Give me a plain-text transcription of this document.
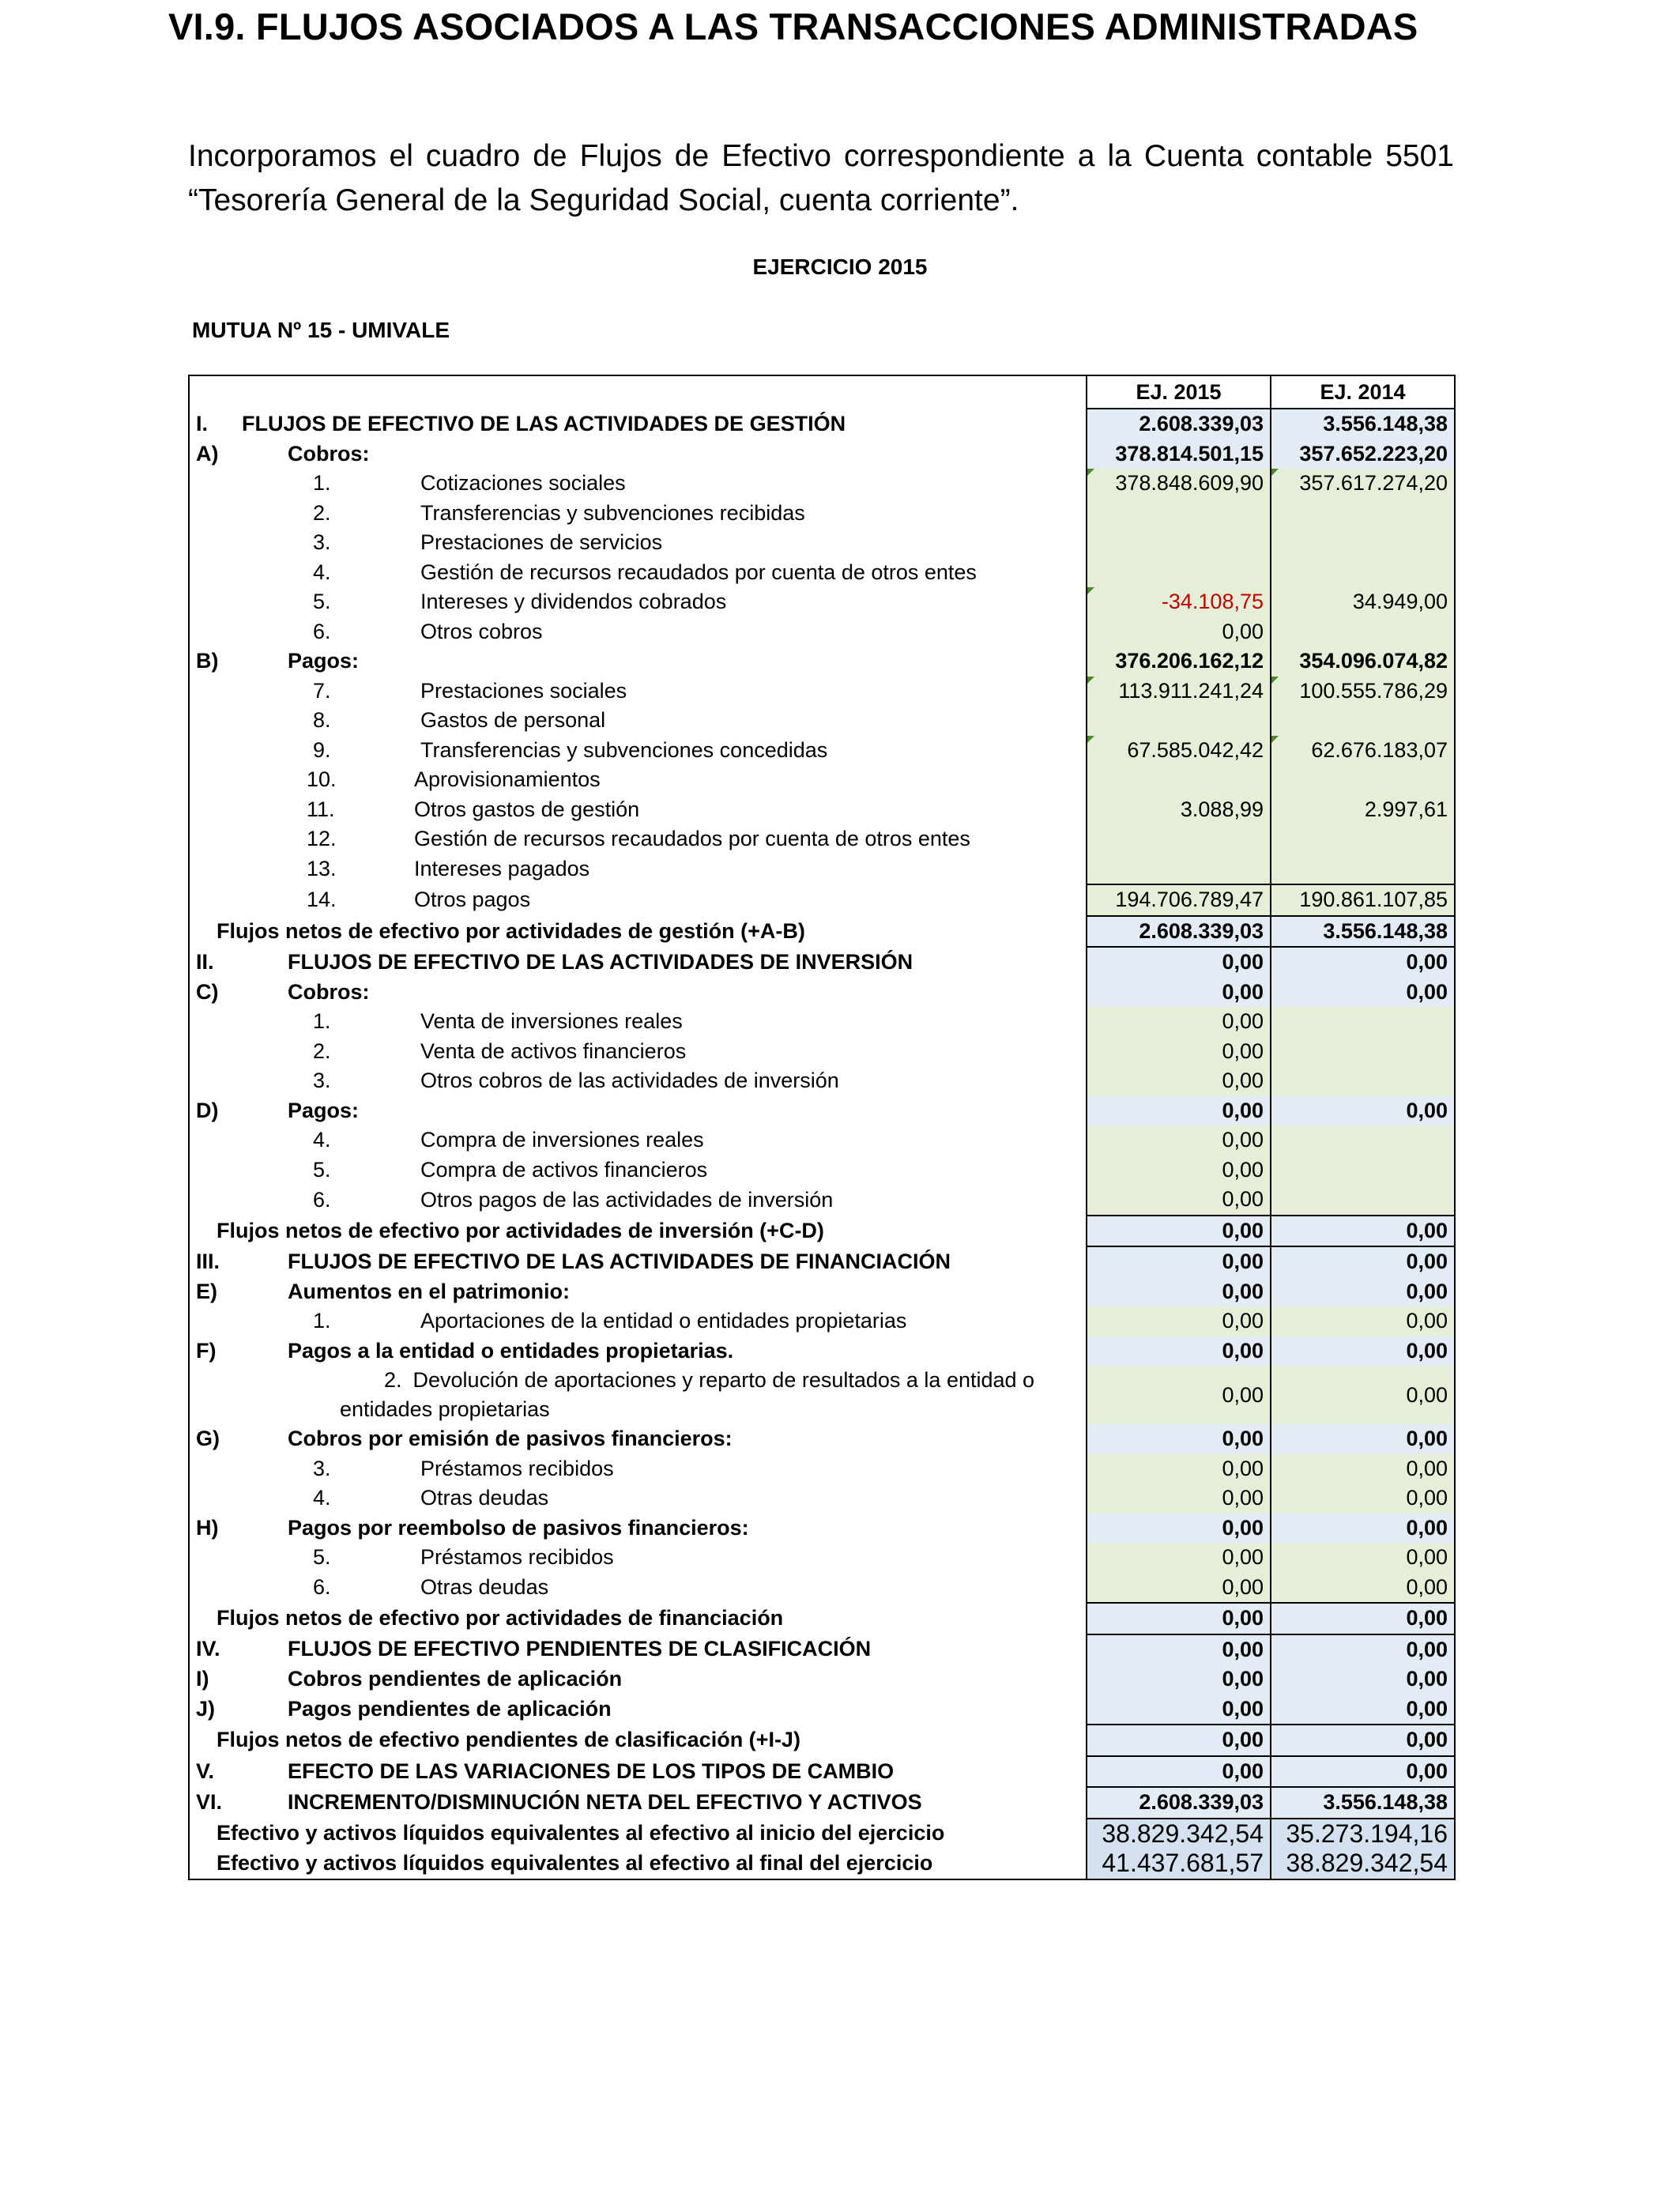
VI.9. FLUJOS ASOCIADOS A LAS TRANSACCIONES ADMINISTRADAS
Incorporamos el cuadro de Flujos de Efectivo correspondiente a la Cuenta contable 5501 “Tesorería General de la Seguridad Social, cuenta corriente”.
EJERCICIO 2015
MUTUA Nº 15 - UMIVALE
	EJ. 2015	EJ. 2014
I. FLUJOS DE EFECTIVO DE LAS ACTIVIDADES DE GESTIÓN	2.608.339,03	3.556.148,38
A) Cobros:	378.814.501,15	357.652.223,20
1. Cotizaciones sociales	378.848.609,90	357.617.274,20

2. Transferencias y subvenciones recibidas		
3. Prestaciones de servicios		
4. Gestión de recursos recaudados por cuenta de otros entes		
5. Intereses y dividendos cobrados	-34.108,75	34.949,00
6. Otros cobros	0,00	
B) Pagos:	376.206.162,12	354.096.074,82
7. Prestaciones sociales	113.911.241,24	100.555.786,29

8. Gastos de personal		
9. Transferencias y subvenciones concedidas	67.585.042,42	62.676.183,07

10. Aprovisionamientos		
11. Otros gastos de gestión	3.088,99	2.997,61
12. Gestión de recursos recaudados por cuenta de otros entes		
13. Intereses pagados		
14. Otros pagos	194.706.789,47	190.861.107,85
Flujos netos de efectivo por actividades de gestión (+A-B)	2.608.339,03	3.556.148,38
II. FLUJOS DE EFECTIVO DE LAS ACTIVIDADES DE INVERSIÓN	0,00	0,00
C) Cobros:	0,00	0,00
1. Venta de inversiones reales	0,00	
2. Venta de activos financieros	0,00	
3. Otros cobros de las actividades de inversión	0,00	
D) Pagos:	0,00	0,00
4. Compra de inversiones reales	0,00	
5. Compra de activos financieros	0,00	
6. Otros pagos de las actividades de inversión	0,00	
Flujos netos de efectivo por actividades de inversión (+C-D)	0,00	0,00
III. FLUJOS DE EFECTIVO DE LAS ACTIVIDADES DE FINANCIACIÓN	0,00	0,00
E) Aumentos en el patrimonio:	0,00	0,00
1. Aportaciones de la entidad o entidades propietarias	0,00	0,00
F) Pagos a la entidad o entidades propietarias.	0,00	0,00
2. Devolución de aportaciones y reparto de resultados a la entidad o entidades propietarias	0,00	0,00
G) Cobros por emisión de pasivos financieros:	0,00	0,00
3. Préstamos recibidos	0,00	0,00
4. Otras deudas	0,00	0,00
H) Pagos por reembolso de pasivos financieros:	0,00	0,00
5. Préstamos recibidos	0,00	0,00
6. Otras deudas	0,00	0,00
Flujos netos de efectivo por actividades de financiación	0,00	0,00
IV. FLUJOS DE EFECTIVO PENDIENTES DE CLASIFICACIÓN	0,00	0,00
I) Cobros pendientes de aplicación	0,00	0,00
J) Pagos pendientes de aplicación	0,00	0,00
Flujos netos de efectivo pendientes de clasificación (+I-J)	0,00	0,00
V. EFECTO DE LAS VARIACIONES DE LOS TIPOS DE CAMBIO	0,00	0,00
VI. INCREMENTO/DISMINUCIÓN NETA DEL EFECTIVO Y ACTIVOS	2.608.339,03	3.556.148,38
Efectivo y activos líquidos equivalentes al efectivo al inicio del ejercicio	38.829.342,54	35.273.194,16
Efectivo y activos líquidos equivalentes al efectivo al final del ejercicio	41.437.681,57	38.829.342,54
